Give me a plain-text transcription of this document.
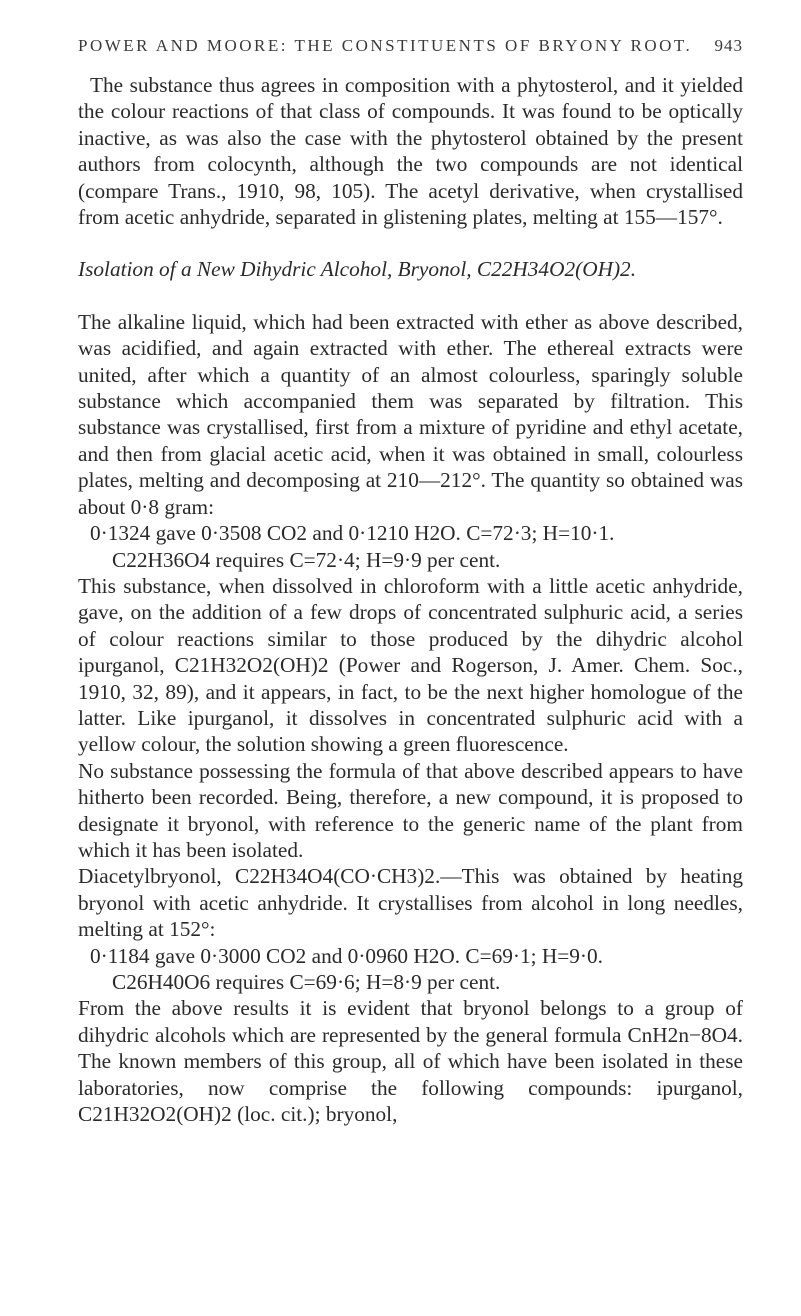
POWER AND MOORE: THE CONSTITUENTS OF BRYONY ROOT. 943

The substance thus agrees in composition with a phytosterol, and it yielded the colour reactions of that class of compounds. It was found to be optically inactive, as was also the case with the phytosterol obtained by the present authors from colocynth, although the two compounds are not identical (compare Trans., 1910, 98, 105). The acetyl derivative, when crystallised from acetic anhydride, separated in glistening plates, melting at 155—157°.

Isolation of a New Dihydric Alcohol, Bryonol, C22H34O2(OH)2.

The alkaline liquid, which had been extracted with ether as above described, was acidified, and again extracted with ether. The ethereal extracts were united, after which a quantity of an almost colourless, sparingly soluble substance which accompanied them was separated by filtration. This substance was crystallised, first from a mixture of pyridine and ethyl acetate, and then from glacial acetic acid, when it was obtained in small, colourless plates, melting and decomposing at 210—212°. The quantity so obtained was about 0·8 gram:

0·1324 gave 0·3508 CO2 and 0·1210 H2O. C=72·3; H=10·1.

C22H36O4 requires C=72·4; H=9·9 per cent.

This substance, when dissolved in chloroform with a little acetic anhydride, gave, on the addition of a few drops of concentrated sulphuric acid, a series of colour reactions similar to those produced by the dihydric alcohol ipurganol, C21H32O2(OH)2 (Power and Rogerson, J. Amer. Chem. Soc., 1910, 32, 89), and it appears, in fact, to be the next higher homologue of the latter. Like ipurganol, it dissolves in concentrated sulphuric acid with a yellow colour, the solution showing a green fluorescence.

No substance possessing the formula of that above described appears to have hitherto been recorded. Being, therefore, a new compound, it is proposed to designate it bryonol, with reference to the generic name of the plant from which it has been isolated.

Diacetylbryonol, C22H34O4(CO·CH3)2.—This was obtained by heating bryonol with acetic anhydride. It crystallises from alcohol in long needles, melting at 152°:

0·1184 gave 0·3000 CO2 and 0·0960 H2O. C=69·1; H=9·0.

C26H40O6 requires C=69·6; H=8·9 per cent.

From the above results it is evident that bryonol belongs to a group of dihydric alcohols which are represented by the general formula CnH2n−8O4. The known members of this group, all of which have been isolated in these laboratories, now comprise the following compounds: ipurganol, C21H32O2(OH)2 (loc. cit.); bryonol,
